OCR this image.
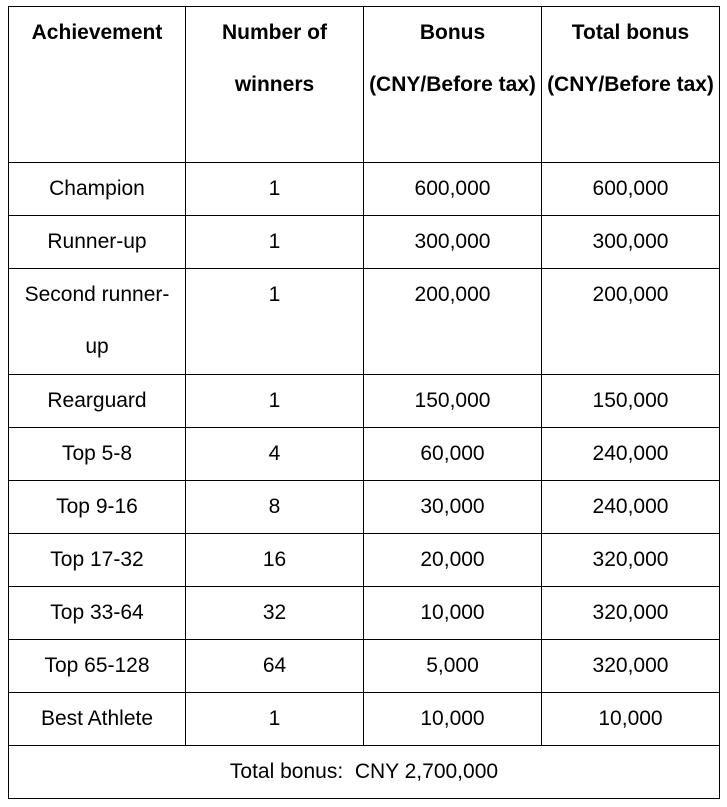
Achievement	Number of winners	Bonus (CNY/Before tax)	Total bonus (CNY/Before tax)
Champion	1	600,000	600,000
Runner-up	1	300,000	300,000
Second runner-up	1	200,000	200,000
Rearguard	1	150,000	150,000
Top 5-8	4	60,000	240,000
Top 9-16	8	30,000	240,000
Top 17-32	16	20,000	320,000
Top 33-64	32	10,000	320,000
Top 65-128	64	5,000	320,000
Best Athlete	1	10,000	10,000
Total bonus:  CNY 2,700,000			
